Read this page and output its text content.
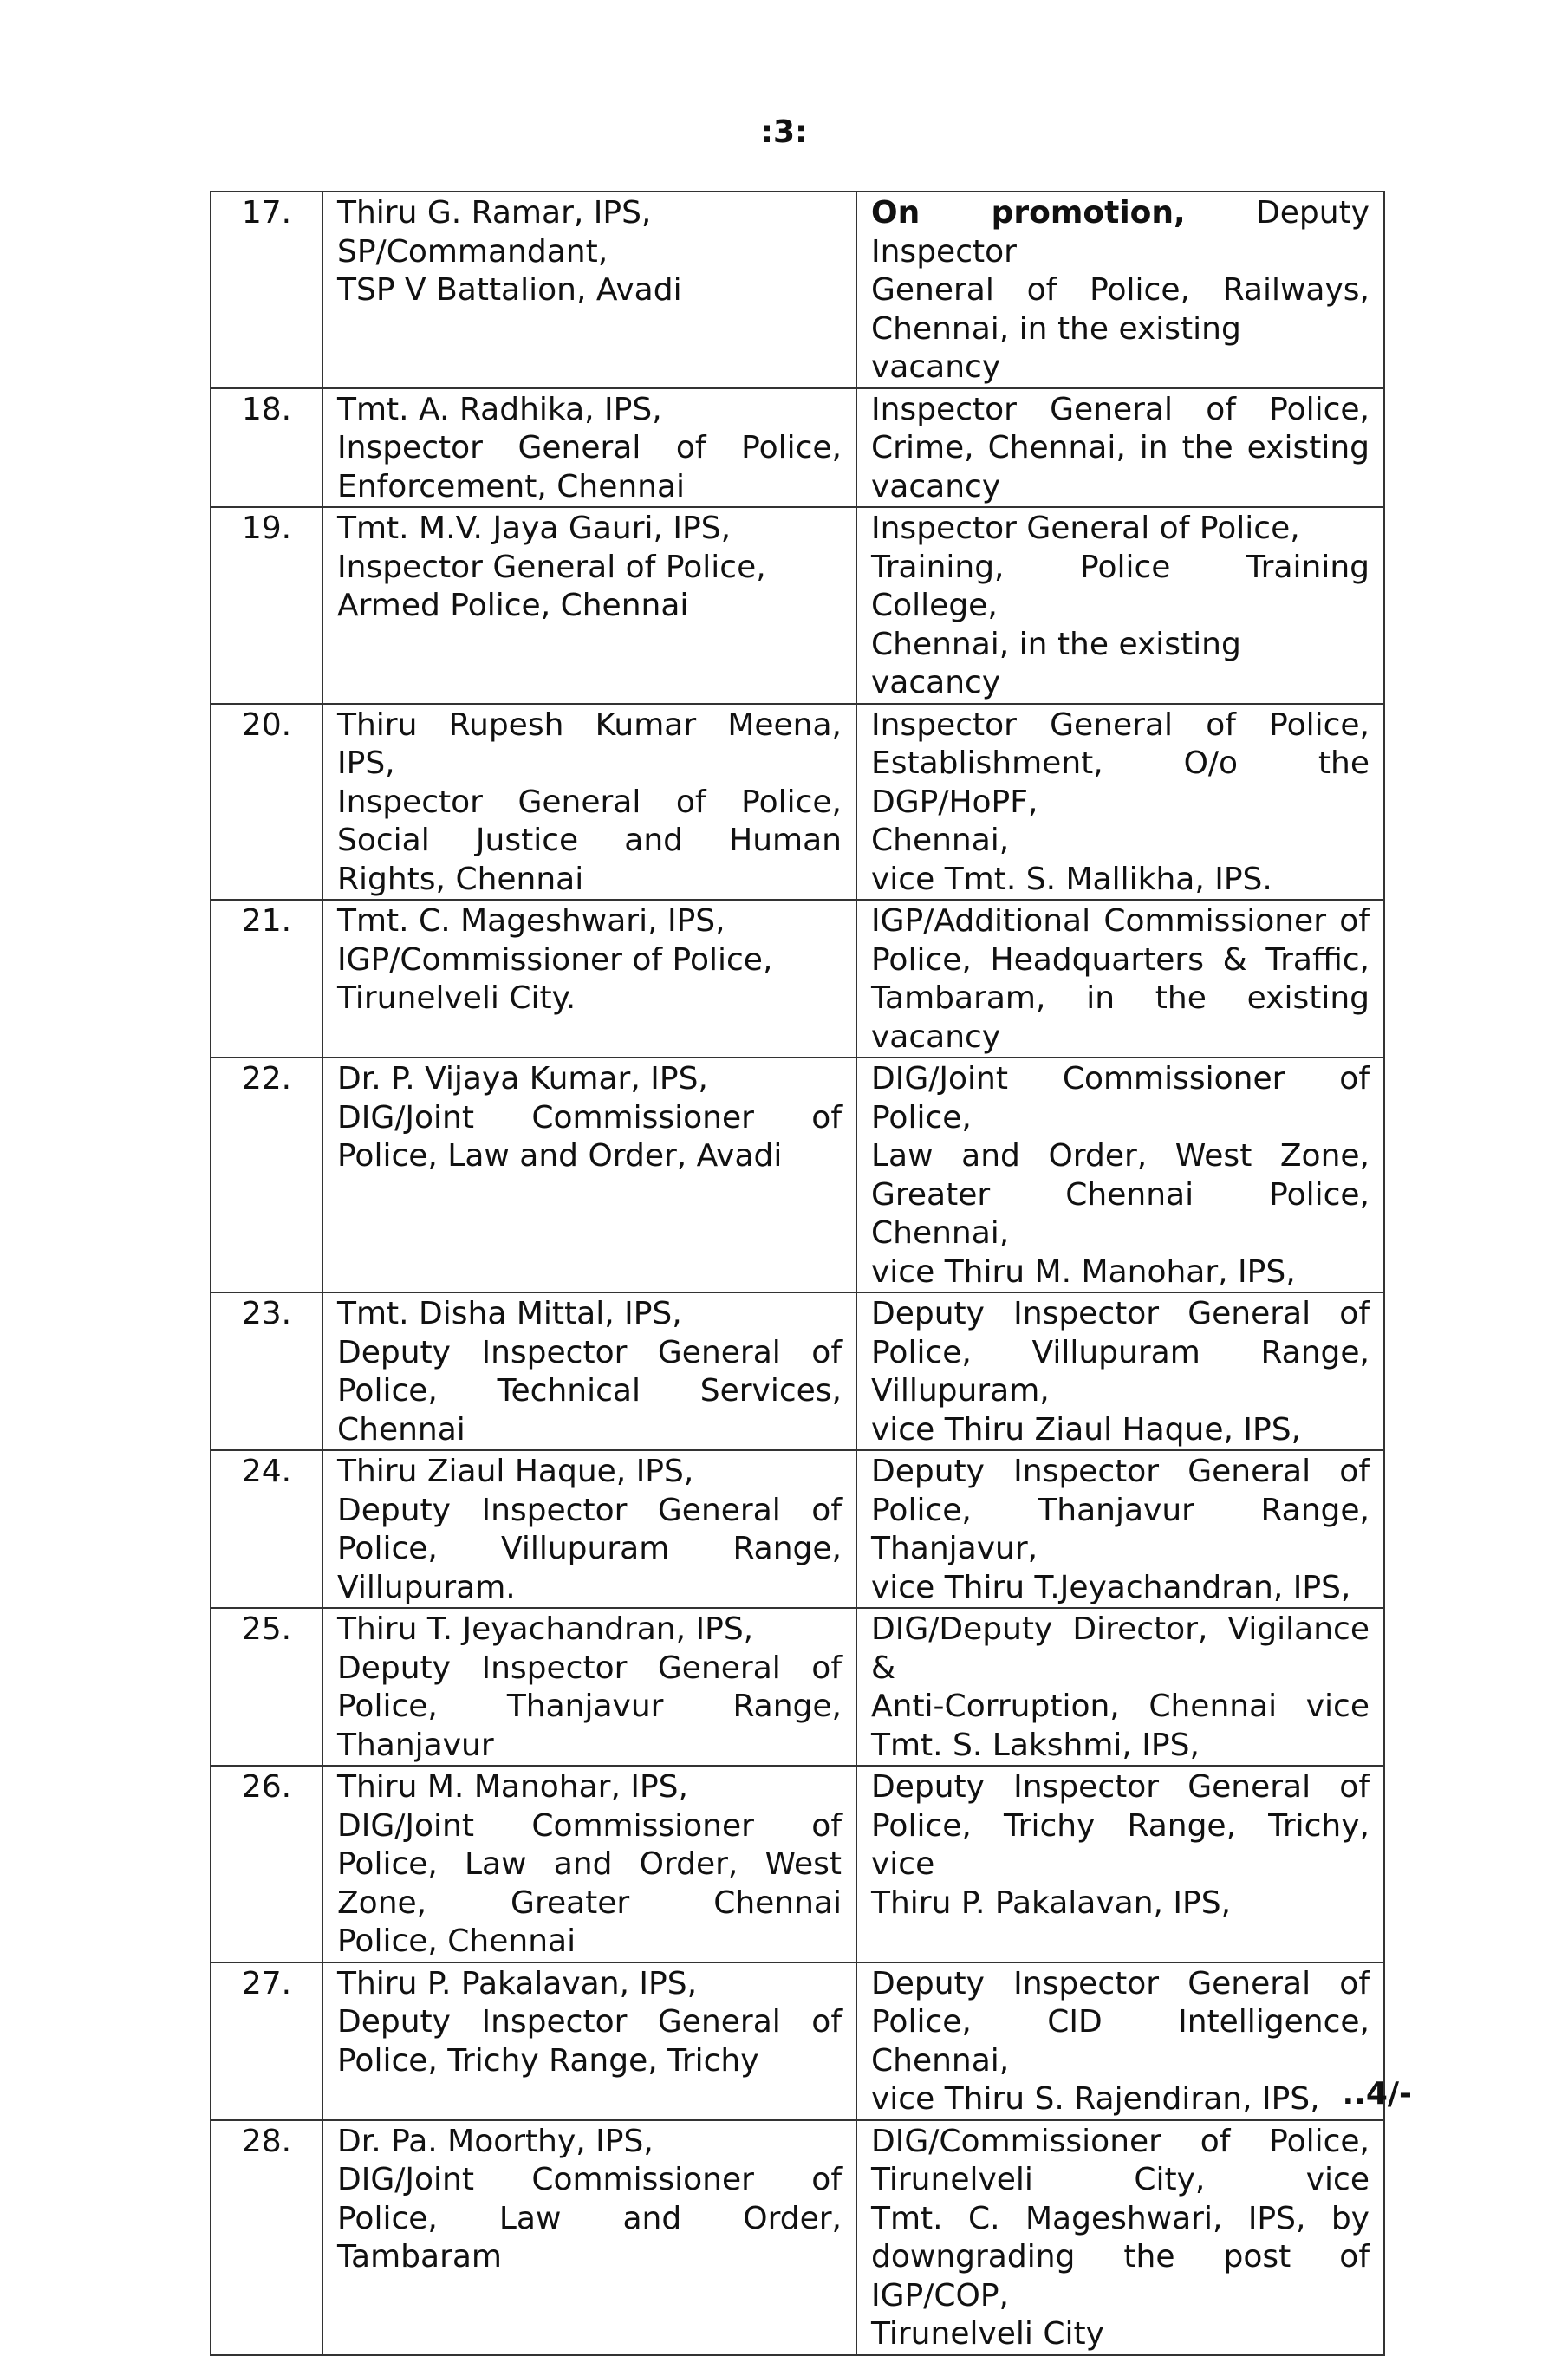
:3:
17.	Thiru G. Ramar, IPS,
SP/Commandant,
TSP V Battalion, Avadi	On promotion, Deputy Inspector
General of Police, Railways,
Chennai, in the existing vacancy

18.	Tmt. A. Radhika, IPS,
Inspector General of Police,
Enforcement, Chennai	Inspector General of Police,
Crime, Chennai, in the existing
vacancy

19.	Tmt. M.V. Jaya Gauri, IPS,
Inspector General of Police,
Armed Police, Chennai	Inspector General of Police,
Training, Police Training College,
Chennai, in the existing vacancy

20.	Thiru Rupesh Kumar Meena,
IPS,
Inspector General of Police,
Social Justice and Human
Rights, Chennai	Inspector General of Police,
Establishment, O/o the DGP/HoPF,
Chennai,
vice Tmt. S. Mallikha, IPS.

21.	Tmt. C. Mageshwari, IPS,
IGP/Commissioner of Police,
Tirunelveli City.	IGP/Additional Commissioner of
Police, Headquarters & Traffic,
Tambaram, in the existing
vacancy

22.	Dr. P. Vijaya Kumar, IPS,
DIG/Joint Commissioner of
Police, Law and Order, Avadi	DIG/Joint Commissioner of Police,
Law and Order, West Zone,
Greater Chennai Police, Chennai,
vice Thiru M. Manohar, IPS,

23.	Tmt. Disha Mittal, IPS,
Deputy Inspector General of
Police, Technical Services,
Chennai	Deputy Inspector General of
Police, Villupuram Range,
Villupuram,
vice Thiru Ziaul Haque, IPS,

24.	Thiru Ziaul Haque, IPS,
Deputy Inspector General of
Police, Villupuram Range,
Villupuram.	Deputy Inspector General of
Police, Thanjavur Range,
Thanjavur,
vice Thiru T.Jeyachandran, IPS,

25.	Thiru T. Jeyachandran, IPS,
Deputy Inspector General of
Police, Thanjavur Range,
Thanjavur	DIG/Deputy Director, Vigilance &
Anti-Corruption, Chennai vice
Tmt. S. Lakshmi, IPS,

26.	Thiru M. Manohar, IPS,
DIG/Joint Commissioner of
Police, Law and Order, West
Zone, Greater Chennai
Police, Chennai	Deputy Inspector General of
Police, Trichy Range, Trichy, vice
Thiru P. Pakalavan, IPS,

27.	Thiru P. Pakalavan, IPS,
Deputy Inspector General of
Police, Trichy Range, Trichy	Deputy Inspector General of
Police, CID Intelligence, Chennai,
vice Thiru S. Rajendiran, IPS,

28.	Dr. Pa. Moorthy, IPS,
DIG/Joint Commissioner of
Police, Law and Order,
Tambaram	DIG/Commissioner of Police,
Tirunelveli City, vice
Tmt. C. Mageshwari, IPS, by
downgrading the post of IGP/COP,
Tirunelveli City
..4/-
